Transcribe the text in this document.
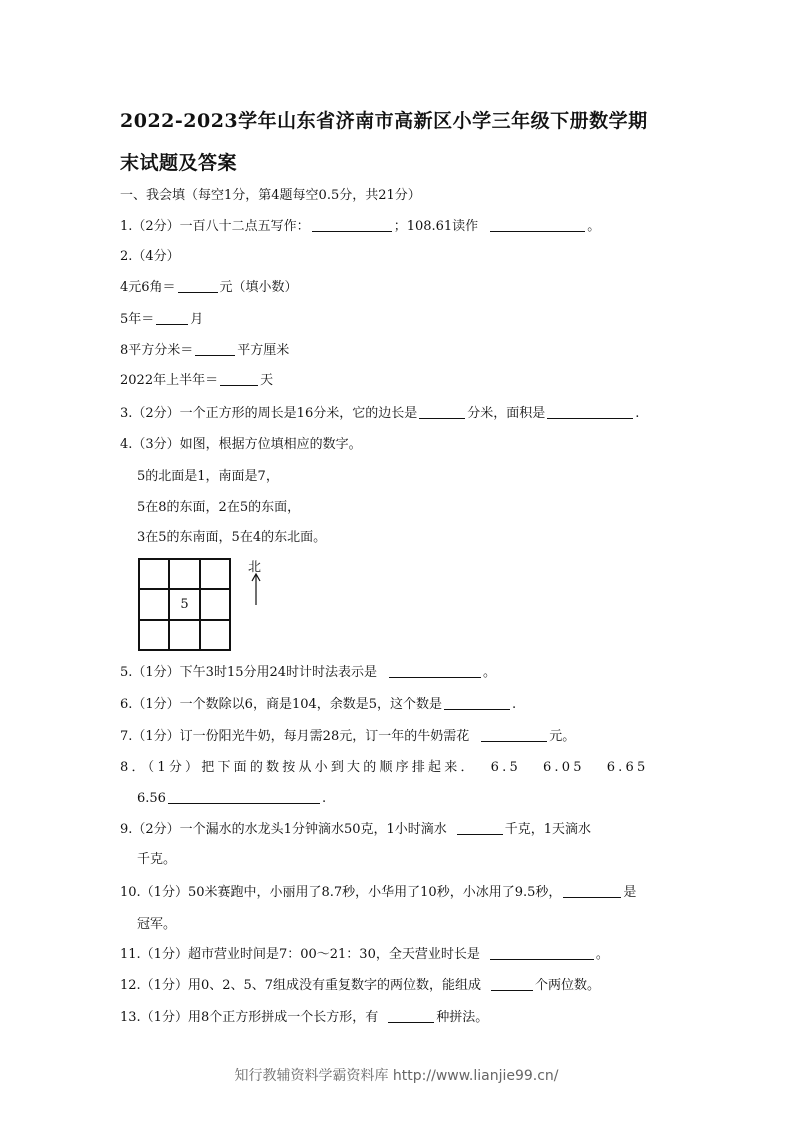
2022-2023学年山东省济南市高新区小学三年级下册数学期
末试题及答案
一、我会填（每空1分，第4题每空0.5分，共21分）
1.（2分）一百八十二点五写作：	；108.61读作	。
2.（4分）
4元6角＝	元（填小数）
5年＝	月
8平方分米＝	平方厘米
2022年上半年＝	天
3.（2分）一个正方形的周长是16分米，它的边长是	分米，面积是	.
4.（3分）如图，根据方位填相应的数字。
5的北面是1，南面是7，
5在8的东面，2在5的东面，
3在5的东南面，5在4的东北面。
5
北
5.（1分）下午3时15分用24时计时法表示是	。
6.（1分）一个数除以6，商是104，余数是5，这个数是	.
7.（1分）订一份阳光牛奶，每月需28元，订一年的牛奶需花	元。
8．（1分）把下面的数按从小到大的顺序排起来． 6.5 6.05 6.65
6.56	.
9.（2分）一个漏水的水龙头1分钟滴水50克，1小时滴水	千克，1天滴水
千克。
10.（1分）50米赛跑中，小丽用了8.7秒，小华用了10秒，小冰用了9.5秒，	是
冠军。
11.（1分）超市营业时间是7：00～21：30，全天营业时长是	。
12.（1分）用0、2、5、7组成没有重复数字的两位数，能组成	个两位数。
13.（1分）用8个正方形拼成一个长方形，有	种拼法。
知行教辅资料学霸资料库 http://www.lianjie99.cn/
